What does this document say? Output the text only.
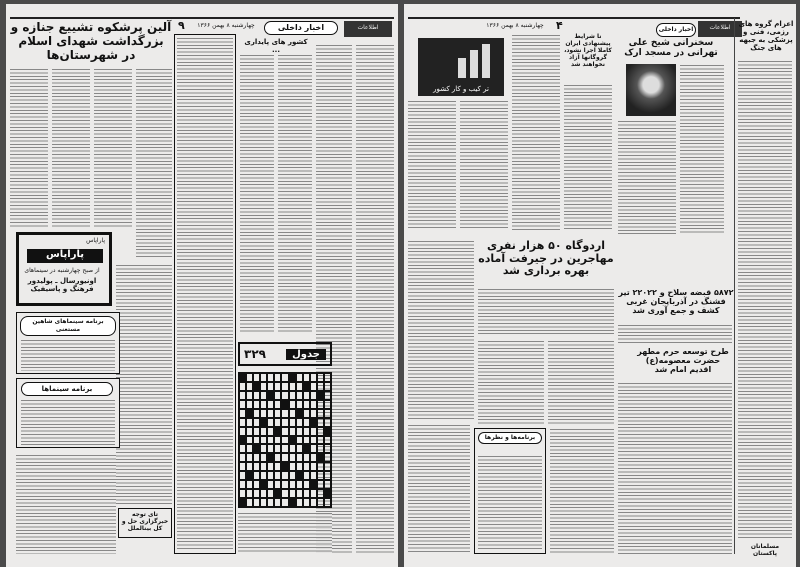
اطلاعات
اخبار داخلی
چهارشنبه ۸ بهمن ۱۳۶۶
۹
آلین پرشکوه تشییع جنازه و بزرگداشت شهدای اسلام در شهرستان‌ها
کشور های پایداری ...
پاراپاس
پاراپاس
از صبح چهارشنبه در سینماهای
اونیورسال ـ پولیدور فرهنگ و پاسیفیک
برنامه سینماهای شاهین مستعنی
برنامه سینماها
۳۲۹	جدول
تای توجه خبرگزاری حل و کل بینالملل
اطلاعات
اخبار داخلی
چهارشنبه ۸ بهمن ۱۳۶۶	۴
تر کیب و کار کشور
نا شرایط پیشنهادی ایران کاملا اجرا نشود، گروگانها آزاد نخواهند شد
سخنرانی شیخ علی تهرانی در مسجد ارک
اعزام گروه های رزمی، فنی و پزشکی به جبهه های جنگ
اردوگاه ۵۰ هزار نفری مهاجرین در جیرفت آماده بهره برداری شد
۵۸۷۲ قبضه سلاح و ۲۲۰۲۲ تیر فشنگ در آذربایجان غربی کشف و جمع آوری شد
طرح توسعه حرم مطهر حضرت معصومه(ع) اقدیم امام شد
برنامه‌ها و نظرها
مسلمانان پاکستان
